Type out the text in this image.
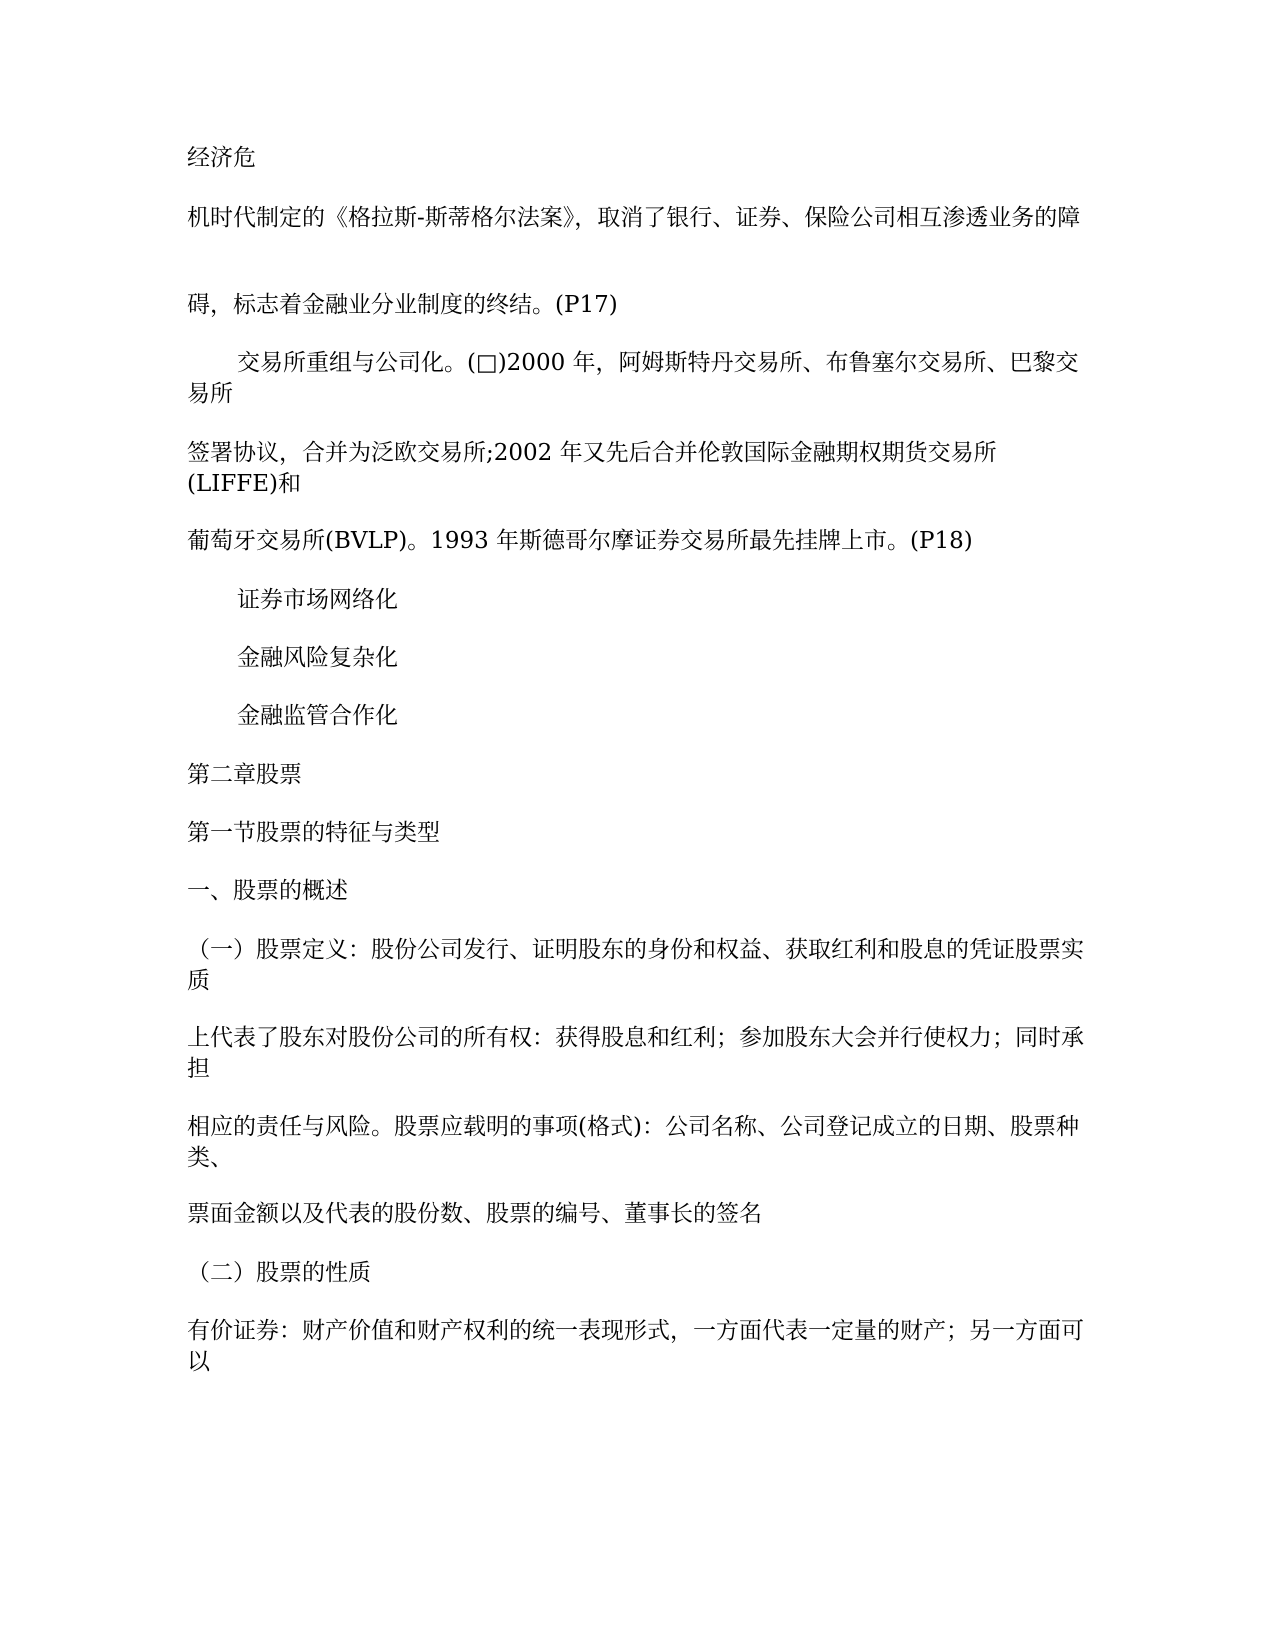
经济危
机时代制定的《格拉斯-斯蒂格尔法案》，取消了银行、证券、保险公司相互渗透业务的障
碍，标志着金融业分业制度的终结。(P17)
交易所重组与公司化。(□)2000 年，阿姆斯特丹交易所、布鲁塞尔交易所、巴黎交易所
签署协议，合并为泛欧交易所;2002 年又先后合并伦敦国际金融期权期货交易所(LIFFE)和
葡萄牙交易所(BVLP)。1993 年斯德哥尔摩证券交易所最先挂牌上市。(P18)
证券市场网络化
金融风险复杂化
金融监管合作化
第二章股票
第一节股票的特征与类型
一、股票的概述
（一）股票定义：股份公司发行、证明股东的身份和权益、获取红利和股息的凭证股票实质
上代表了股东对股份公司的所有权：获得股息和红利；参加股东大会并行使权力；同时承担
相应的责任与风险。股票应载明的事项(格式)：公司名称、公司登记成立的日期、股票种类、
票面金额以及代表的股份数、股票的编号、董事长的签名
（二）股票的性质
有价证券：财产价值和财产权利的统一表现形式，一方面代表一定量的财产；另一方面可以
